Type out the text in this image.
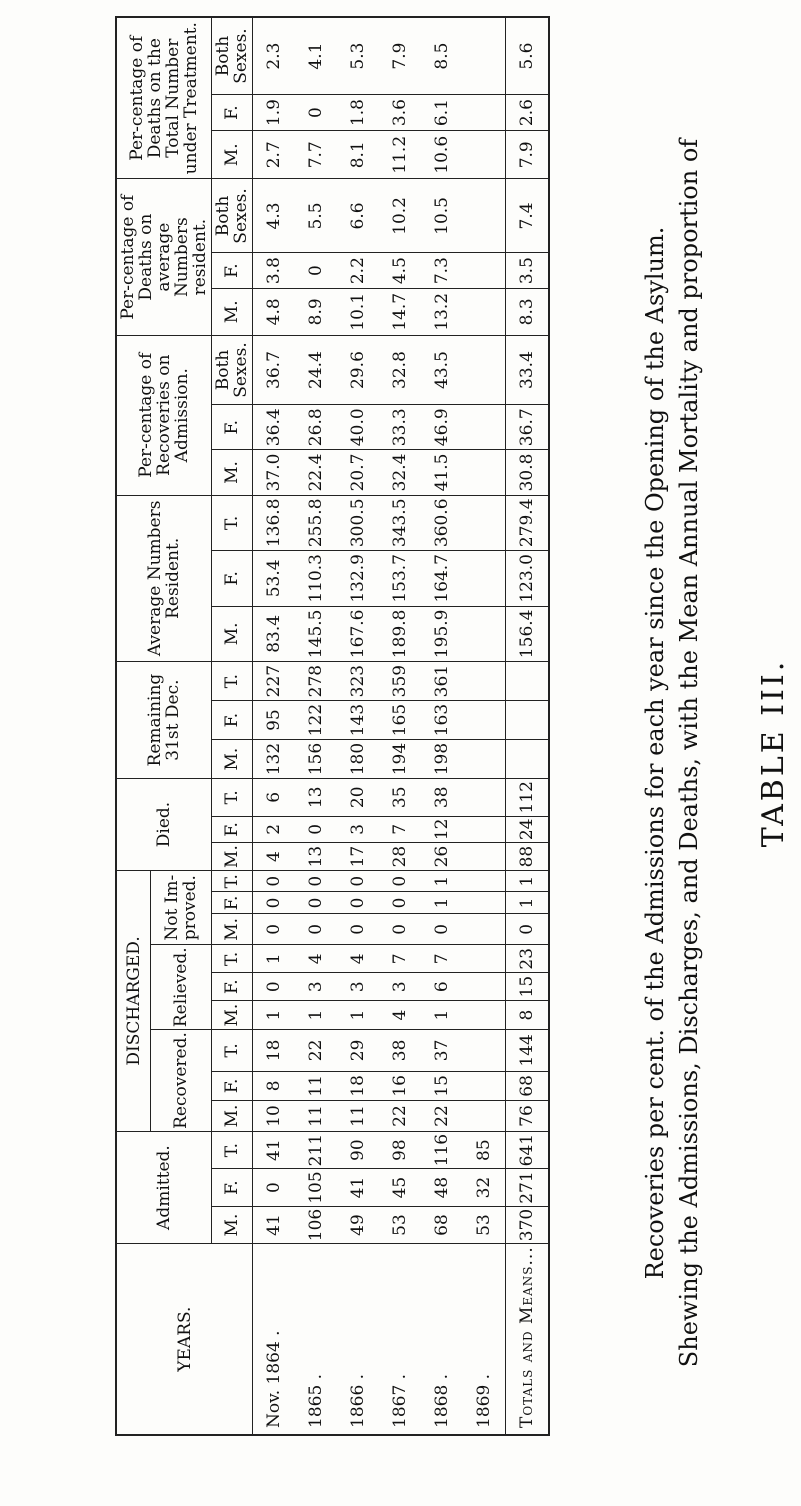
TABLE III.
Shewing the Admissions, Discharges, and Deaths, with the Mean Annual Mortality and proportion of
Recoveries per cent. of the Admissions for each year since the Opening of the Asylum.
YEARS.	Admitted.			DISCHARGED.									Died.			Remaining 31st Dec.			Average Numbers Resident.			Per-centage of Recoveries on Admission.			Per-centage of Deaths on average Numbers resident.			Per-centage of Deaths on the Total Number under Treatment.		
				Recovered.			Relieved.			Not Im-proved.																				
	M.	F.	T.	M.	F.	T.	M.	F.	T.	M.	F.	T.	M.	F.	T.	M.	F.	T.	M.	F.	T.	M.	F.	Both Sexes.	M.	F.	Both Sexes.	M.	F.	Both Sexes.
Nov. 1864 .	41	0	41	10	8	18	1	0	1	0	0	0	4	2	6	132	95	227	83.4	53.4	136.8	37.0	36.4	36.7	4.8	3.8	4.3	2.7	1.9	2.3
1865 .	106	105	211	11	11	22	1	3	4	0	0	0	13	0	13	156	122	278	145.5	110.3	255.8	22.4	26.8	24.4	8.9	0	5.5	7.7	0	4.1
1866 .	49	41	90	11	18	29	1	3	4	0	0	0	17	3	20	180	143	323	167.6	132.9	300.5	20.7	40.0	29.6	10.1	2.2	6.6	8.1	1.8	5.3
1867 .	53	45	98	22	16	38	4	3	7	0	0	0	28	7	35	194	165	359	189.8	153.7	343.5	32.4	33.3	32.8	14.7	4.5	10.2	11.2	3.6	7.9
1868 .	68	48	116	22	15	37	1	6	7	0	1	1	26	12	38	198	163	361	195.9	164.7	360.6	41.5	46.9	43.5	13.2	7.3	10.5	10.6	6.1	8.5
1869 .	53	32	85																											
Totals and Means...	370	271	641	76	68	144	8	15	23	0	1	1	88	24	112				156.4	123.0	279.4	30.8	36.7	33.4	8.3	3.5	7.4	7.9	2.6	5.6
